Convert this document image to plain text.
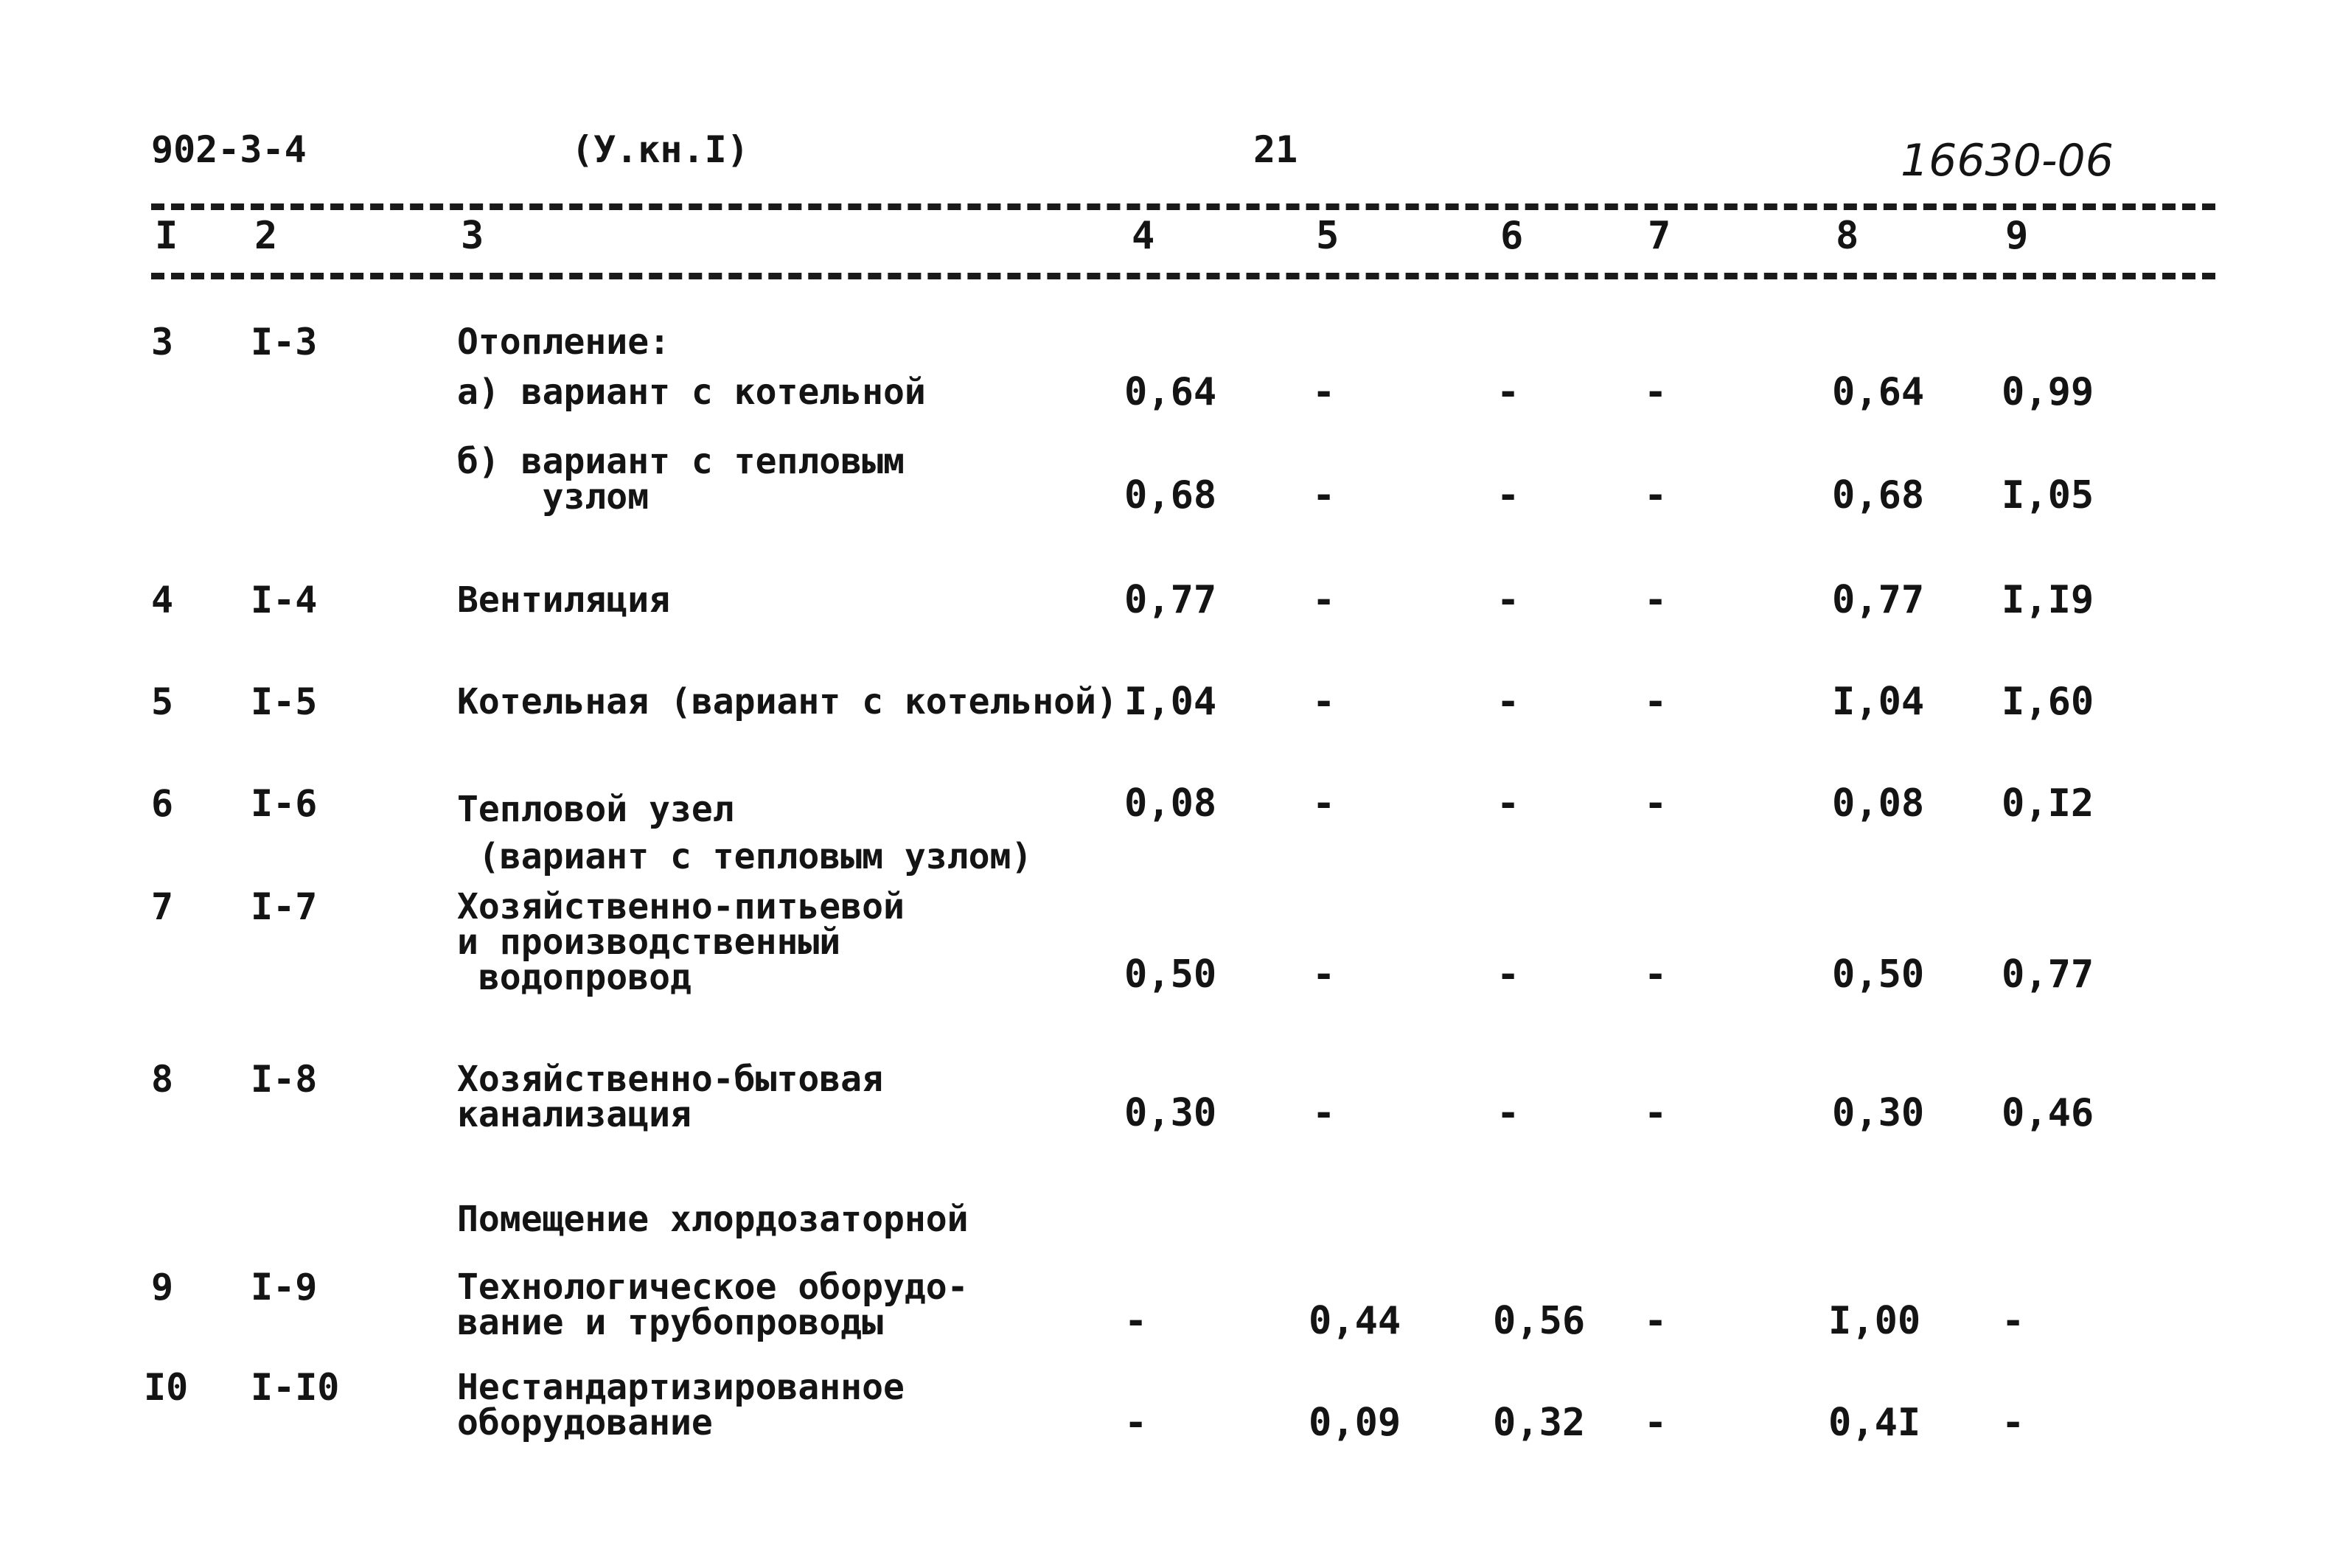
902-3-4	(У.кн.I)	21	16630-06
I 2	3	4	5	6	7	8	9
3 I-3	Отопление:
а) вариант с котельной	0,64 -	-	-	0,64 0,99
б) вариант с тепловым
узлом	0,68 -	-	-	0,68 I,05
4 I-4	Вентиляция	0,77 -	-	-	0,77 I,I9
5 I-5	Котельная (вариант с котельной) I,04 -	-	-	I,04 I,60
6 I-6	Тепловой узел
(вариант с тепловым узлом)
0,08 -	-	-	0,08 0,I2
7 I-7	Хозяйственно-питьевой
и производственный
водопровод	0,50 -	-	-	0,50 0,77
8 I-8	Хозяйственно-бытовая
канализация	0,30 -	-	-	0,30 0,46
Помещение хлордозаторной
9 I-9	Технологическое оборудо-
вание и трубопроводы	-	0,44 0,56 -	I,00 -
I0 I-I0	Нестандартизированное
оборудование	-	0,09 0,32 -	0,4I -
